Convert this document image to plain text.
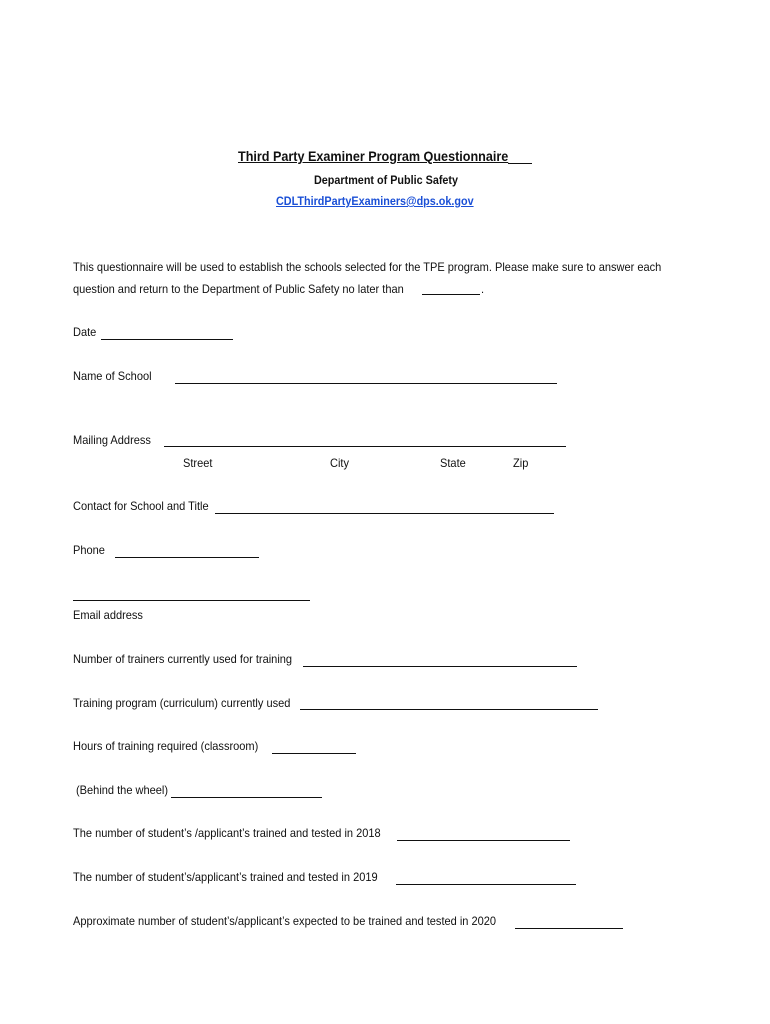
Third Party Examiner Program Questionnaire
Department of Public Safety
CDLThirdPartyExaminers@dps.ok.gov
This questionnaire will be used to establish the schools selected for the TPE program. Please make sure to answer each
question and return to the Department of Public Safety no later than	.
Date
Name of School
Mailing Address
Street	City	State	Zip
Contact for School and Title
Phone
Email address
Number of trainers currently used for training
Training program (curriculum) currently used
Hours of training required (classroom)
(Behind the wheel)
The number of student’s /applicant’s trained and tested in 2018
The number of student’s/applicant’s trained and tested in 2019
Approximate number of student’s/applicant’s expected to be trained and tested in 2020
